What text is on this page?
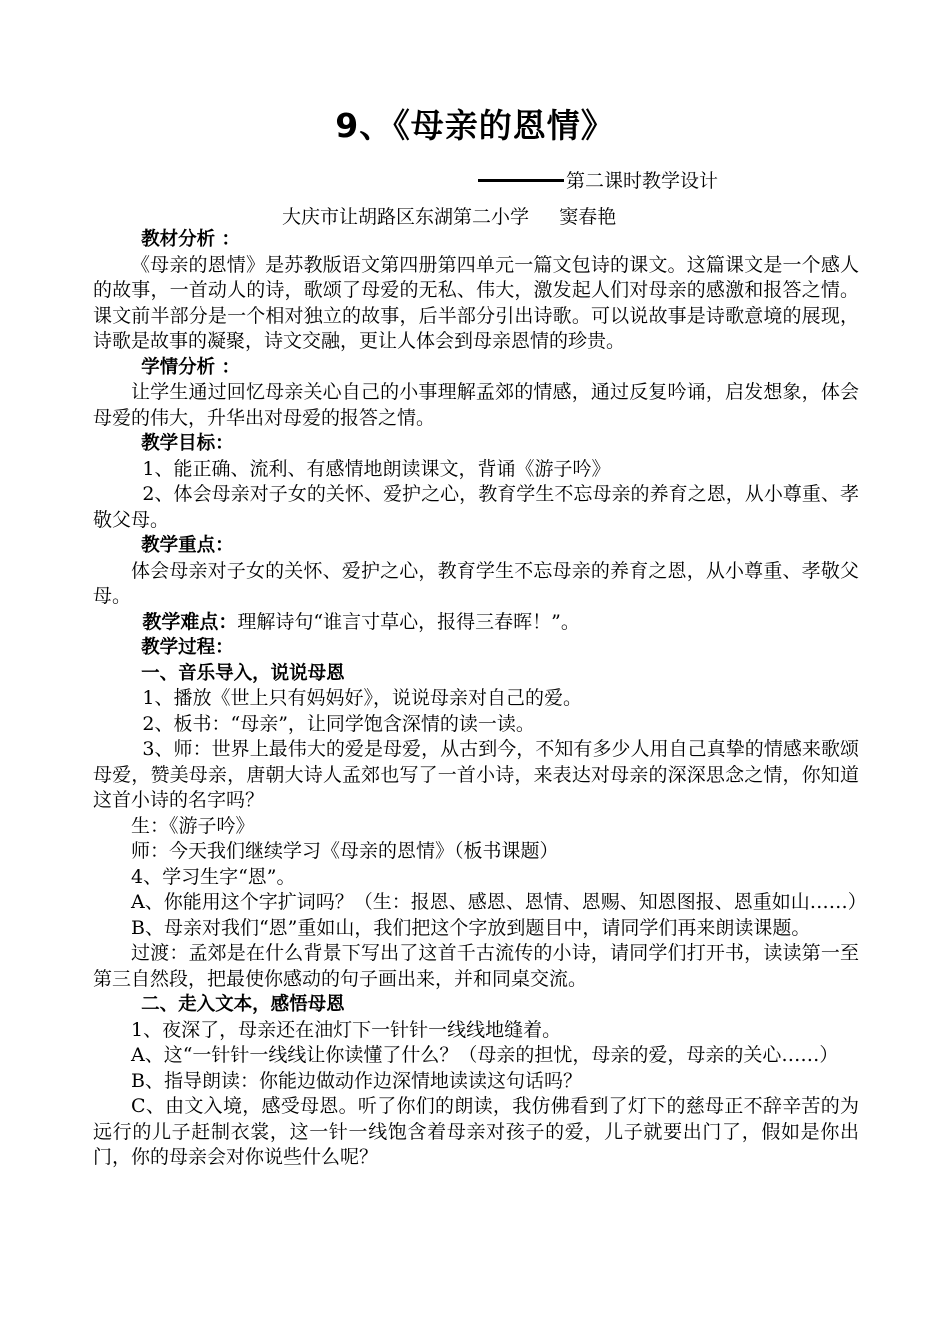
9、《母亲的恩情》
第二课时教学设计
大庆市让胡路区东湖第二小学     窦春艳

教材分析 ：

《母亲的恩情》是苏教版语文第四册第四单元一篇文包诗的课文。这篇课文是一个感人的故事，一首动人的诗，歌颂了母爱的无私、伟大，激发起人们对母亲的感激和报答之情。课文前半部分是一个相对独立的故事，后半部分引出诗歌。可以说故事是诗歌意境的展现，诗歌是故事的凝聚，诗文交融，更让人体会到母亲恩情的珍贵。

学情分析 ：

让学生通过回忆母亲关心自己的小事理解孟郊的情感，通过反复吟诵，启发想象，体会母爱的伟大，升华出对母爱的报答之情。

教学目标：

1、能正确、流利、有感情地朗读课文，背诵《游子吟》

2、体会母亲对子女的关怀、爱护之心，教育学生不忘母亲的养育之恩，从小尊重、孝敬父母。

教学重点：

体会母亲对子女的关怀、爱护之心，教育学生不忘母亲的养育之恩，从小尊重、孝敬父母。

教学难点：理解诗句“谁言寸草心，报得三春晖！”。

教学过程：

一、音乐导入，说说母恩

1、播放《世上只有妈妈好》，说说母亲对自己的爱。

2、板书：“母亲”，让同学饱含深情的读一读。

3、师：世界上最伟大的爱是母爱，从古到今，不知有多少人用自己真挚的情感来歌颂母爱，赞美母亲，唐朝大诗人孟郊也写了一首小诗，来表达对母亲的深深思念之情，你知道这首小诗的名字吗？

生：《游子吟》

师：今天我们继续学习《母亲的恩情》（板书课题）

4、学习生字“恩”。

A、你能用这个字扩词吗？（生：报恩、感恩、恩情、恩赐、知恩图报、恩重如山……）

B、母亲对我们“恩”重如山，我们把这个字放到题目中，请同学们再来朗读课题。

过渡：孟郊是在什么背景下写出了这首千古流传的小诗，请同学们打开书，读读第一至第三自然段，把最使你感动的句子画出来，并和同桌交流。

二、走入文本，感悟母恩

1、夜深了，母亲还在油灯下一针针一线线地缝着。

A、这“一针针一线线让你读懂了什么？（母亲的担忧，母亲的爱，母亲的关心……）

B、指导朗读：你能边做动作边深情地读读这句话吗？

C、由文入境，感受母恩。听了你们的朗读，我仿佛看到了灯下的慈母正不辞辛苦的为远行的儿子赶制衣裳，这一针一线饱含着母亲对孩子的爱，儿子就要出门了，假如是你出门，你的母亲会对你说些什么呢？
